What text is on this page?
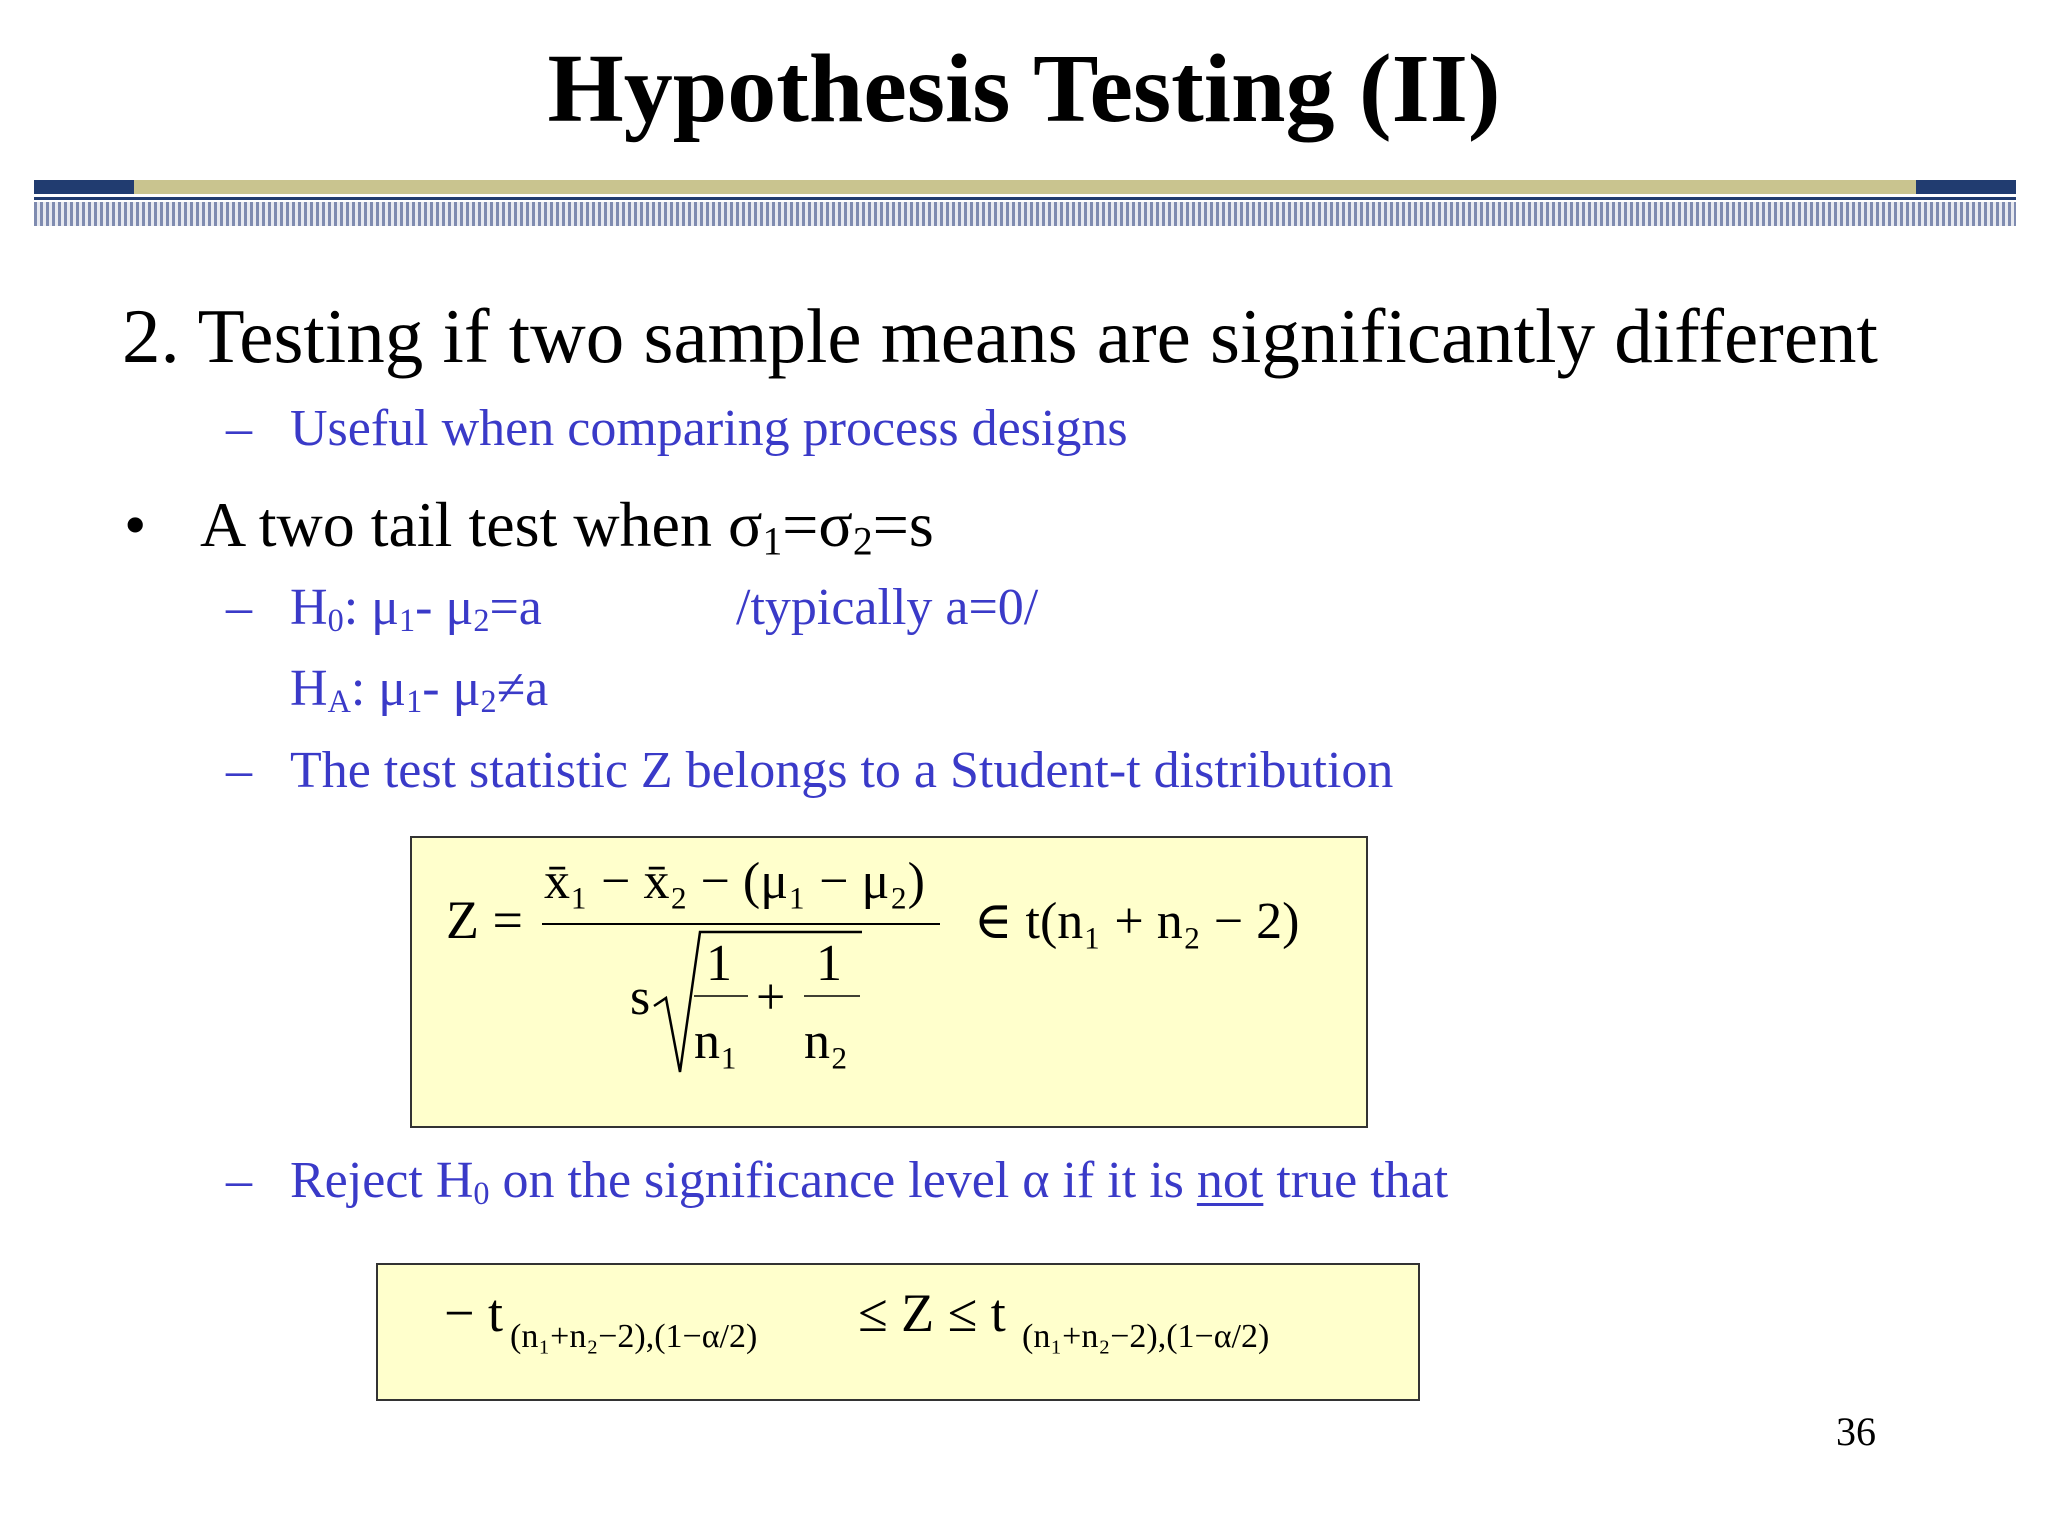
Hypothesis Testing (II)
2. Testing if two sample means are significantly different
– Useful when comparing process designs
• A two tail test when $\sigma_1=\sigma_2=s$
– $H_0$: $\mu_1-$ $\mu_2=a$	/typically a=0/
$H_A$: $\mu_1-$ $\mu_2\ne a$
– The test statistic Z belongs to a Student-t distribution
Z =
x̄₁ − x̄₂ − (μ₁ − μ₂)
s
1
n₁
+
1
n₂
∈ t(n₁ + n₂ − 2)
– Reject $H_0$ on the significance level α if it is not true that
− t (n₁+n₂−2),(1−α/2) ≤ Z ≤ t (n₁+n₂−2),(1−α/2)
36
